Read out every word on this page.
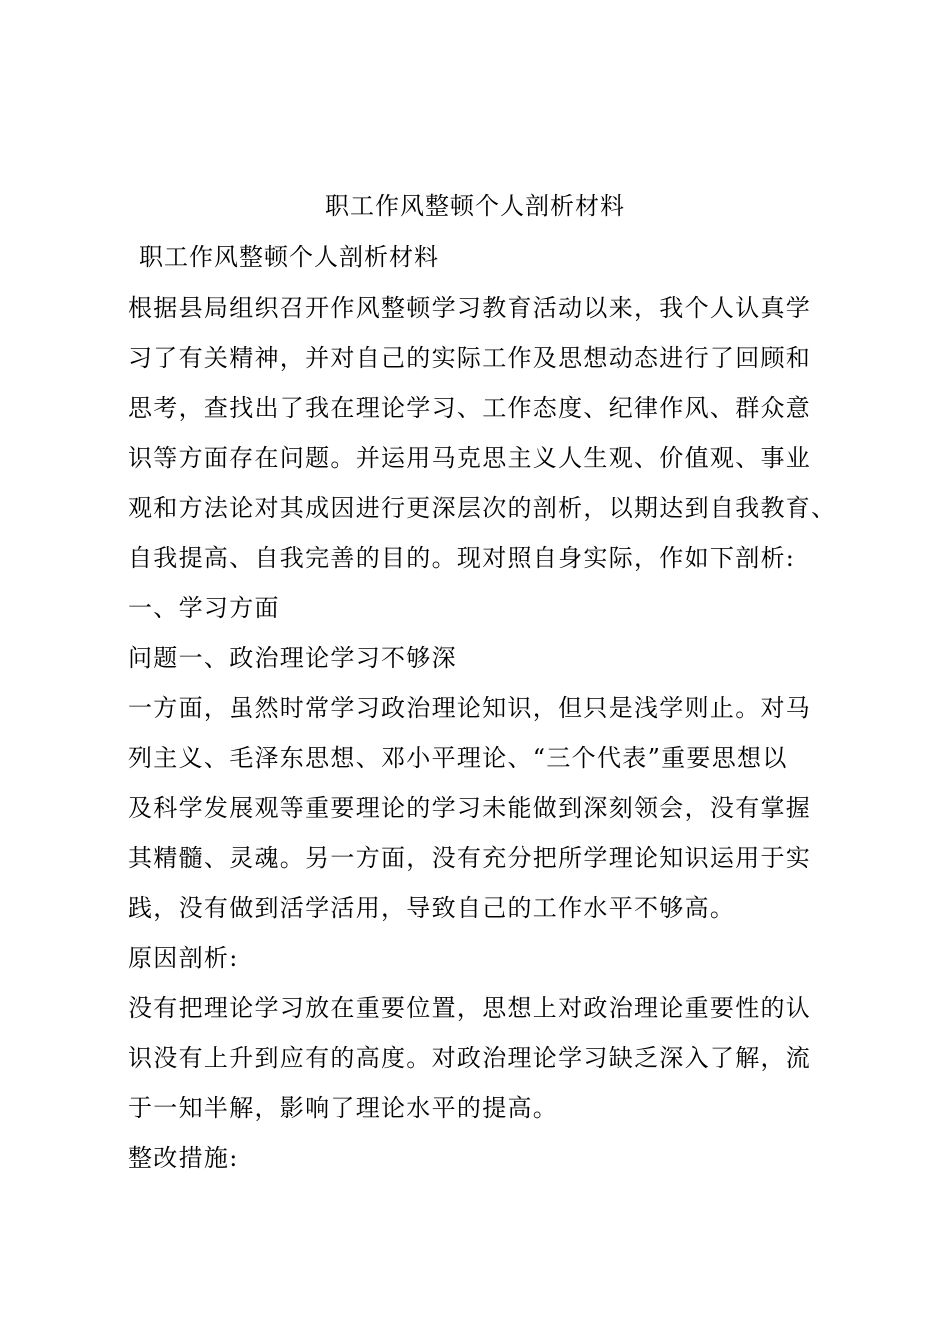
职工作风整顿个人剖析材料
职工作风整顿个人剖析材料
根据县局组织召开作风整顿学习教育活动以来，我个人认真学
习了有关精神，并对自己的实际工作及思想动态进行了回顾和
思考，查找出了我在理论学习、工作态度、纪律作风、群众意
识等方面存在问题。并运用马克思主义人生观、价值观、事业
观和方法论对其成因进行更深层次的剖析，以期达到自我教育、
自我提高、自我完善的目的。现对照自身实际，作如下剖析:
一、学习方面
问题一、政治理论学习不够深
一方面，虽然时常学习政治理论知识，但只是浅学则止。对马
列主义、毛泽东思想、邓小平理论、“三个代表”重要思想以
及科学发展观等重要理论的学习未能做到深刻领会，没有掌握
其精髓、灵魂。另一方面，没有充分把所学理论知识运用于实
践，没有做到活学活用，导致自己的工作水平不够高。
原因剖析:
没有把理论学习放在重要位置，思想上对政治理论重要性的认
识没有上升到应有的高度。对政治理论学习缺乏深入了解，流
于一知半解，影响了理论水平的提高。
整改措施:
